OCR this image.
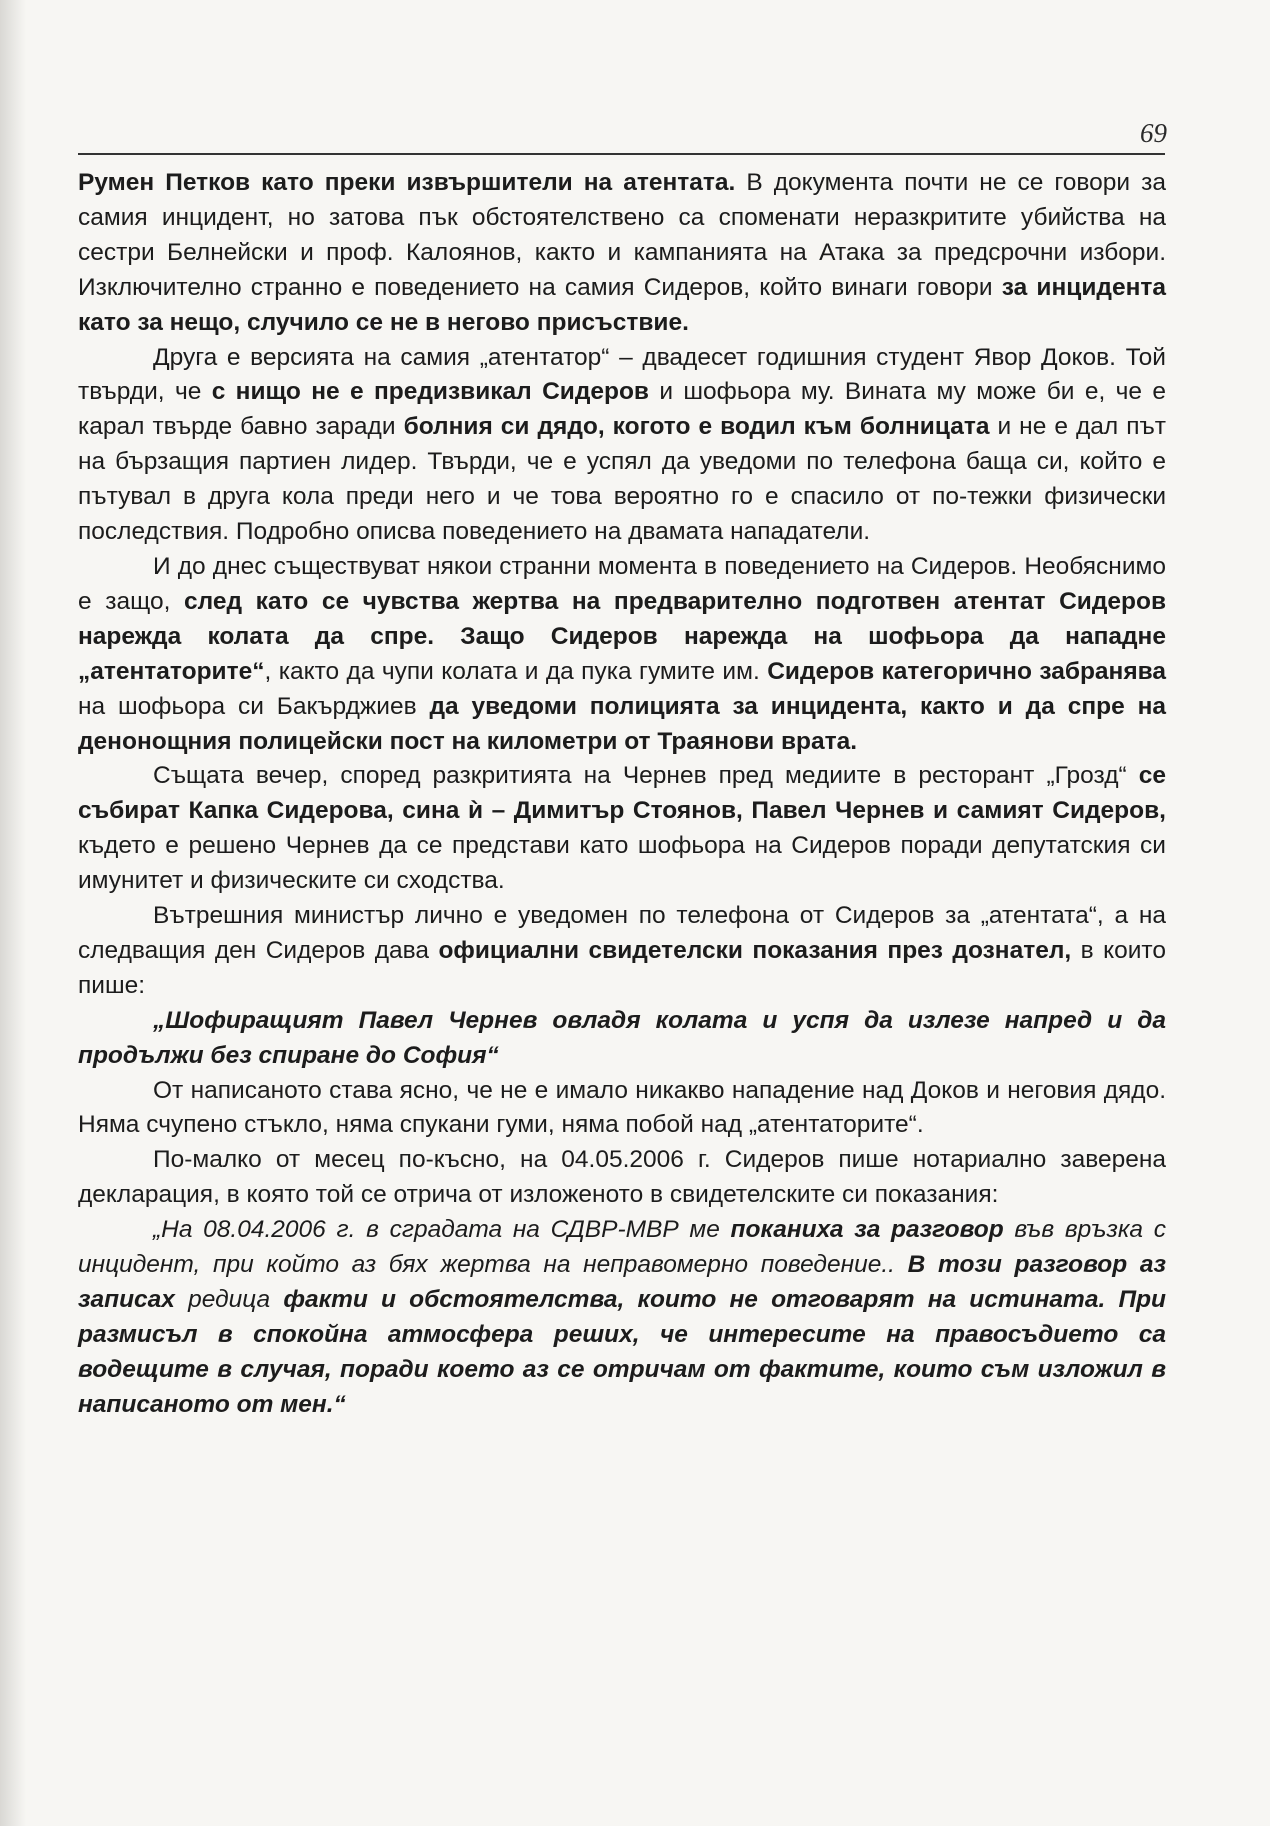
69

Румен Петков като преки извършители на атентата. В документа почти не се говори за самия инцидент, но затова пък обстоятелствено са споменати неразкритите убийства на сестри Белнейски и проф. Калоянов, както и кампанията на Атака за предсрочни избори. Изключително странно е поведението на самия Сидеров, който винаги говори за инцидента като за нещо, случило се не в негово присъствие.

Друга е версията на самия „атентатор“ – двадесет годишния студент Явор Доков. Той твърди, че с нищо не е предизвикал Сидеров и шофьора му. Вината му може би е, че е карал твърде бавно заради болния си дядо, когото е водил към болницата и не е дал път на бързащия партиен лидер. Твърди, че е успял да уведоми по телефона баща си, който е пътувал в друга кола преди него и че това вероятно го е спасило от по-тежки физически последствия. Подробно описва поведението на двамата нападатели.

И до днес съществуват някои странни момента в поведението на Сидеров. Необяснимо е защо, след като се чувства жертва на предварително подготвен атентат Сидеров нарежда колата да спре. Защо Сидеров нарежда на шофьора да нападне „атентаторите“, както да чупи колата и да пука гумите им. Сидеров категорично забранява на шофьора си Бакърджиев да уведоми полицията за инцидента, както и да спре на денонощния полицейски пост на километри от Траянови врата.

Същата вечер, според разкритията на Чернев пред медиите в ресторант „Грозд“ се събират Капка Сидерова, сина ѝ – Димитър Стоянов, Павел Чернев и самият Сидеров, където е решено Чернев да се представи като шофьора на Сидеров поради депутатския си имунитет и физическите си сходства.

Вътрешния министър лично е уведомен по телефона от Сидеров за „атентата“, а на следващия ден Сидеров дава официални свидетелски показания през дознател, в които пише:

„Шофиращият Павел Чернев овладя колата и успя да излезе напред и да продължи без спиране до София“

От написаното става ясно, че не е имало никакво нападение над Доков и неговия дядо. Няма счупено стъкло, няма спукани гуми, няма побой над „атентаторите“.

По-малко от месец по-късно, на 04.05.2006 г. Сидеров пише нотариално заверена декларация, в която той се отрича от изложеното в свидетелските си показания:

„На 08.04.2006 г. в сградата на СДВР-МВР ме поканиха за разговор във връзка с инцидент, при който аз бях жертва на неправомерно поведение.. В този разговор аз записах редица факти и обстоятелства, които не отговарят на истината. При размисъл в спокойна атмосфера реших, че интересите на правосъдието са водещите в случая, поради което аз се отричам от фактите, които съм изложил в написаното от мен.“
